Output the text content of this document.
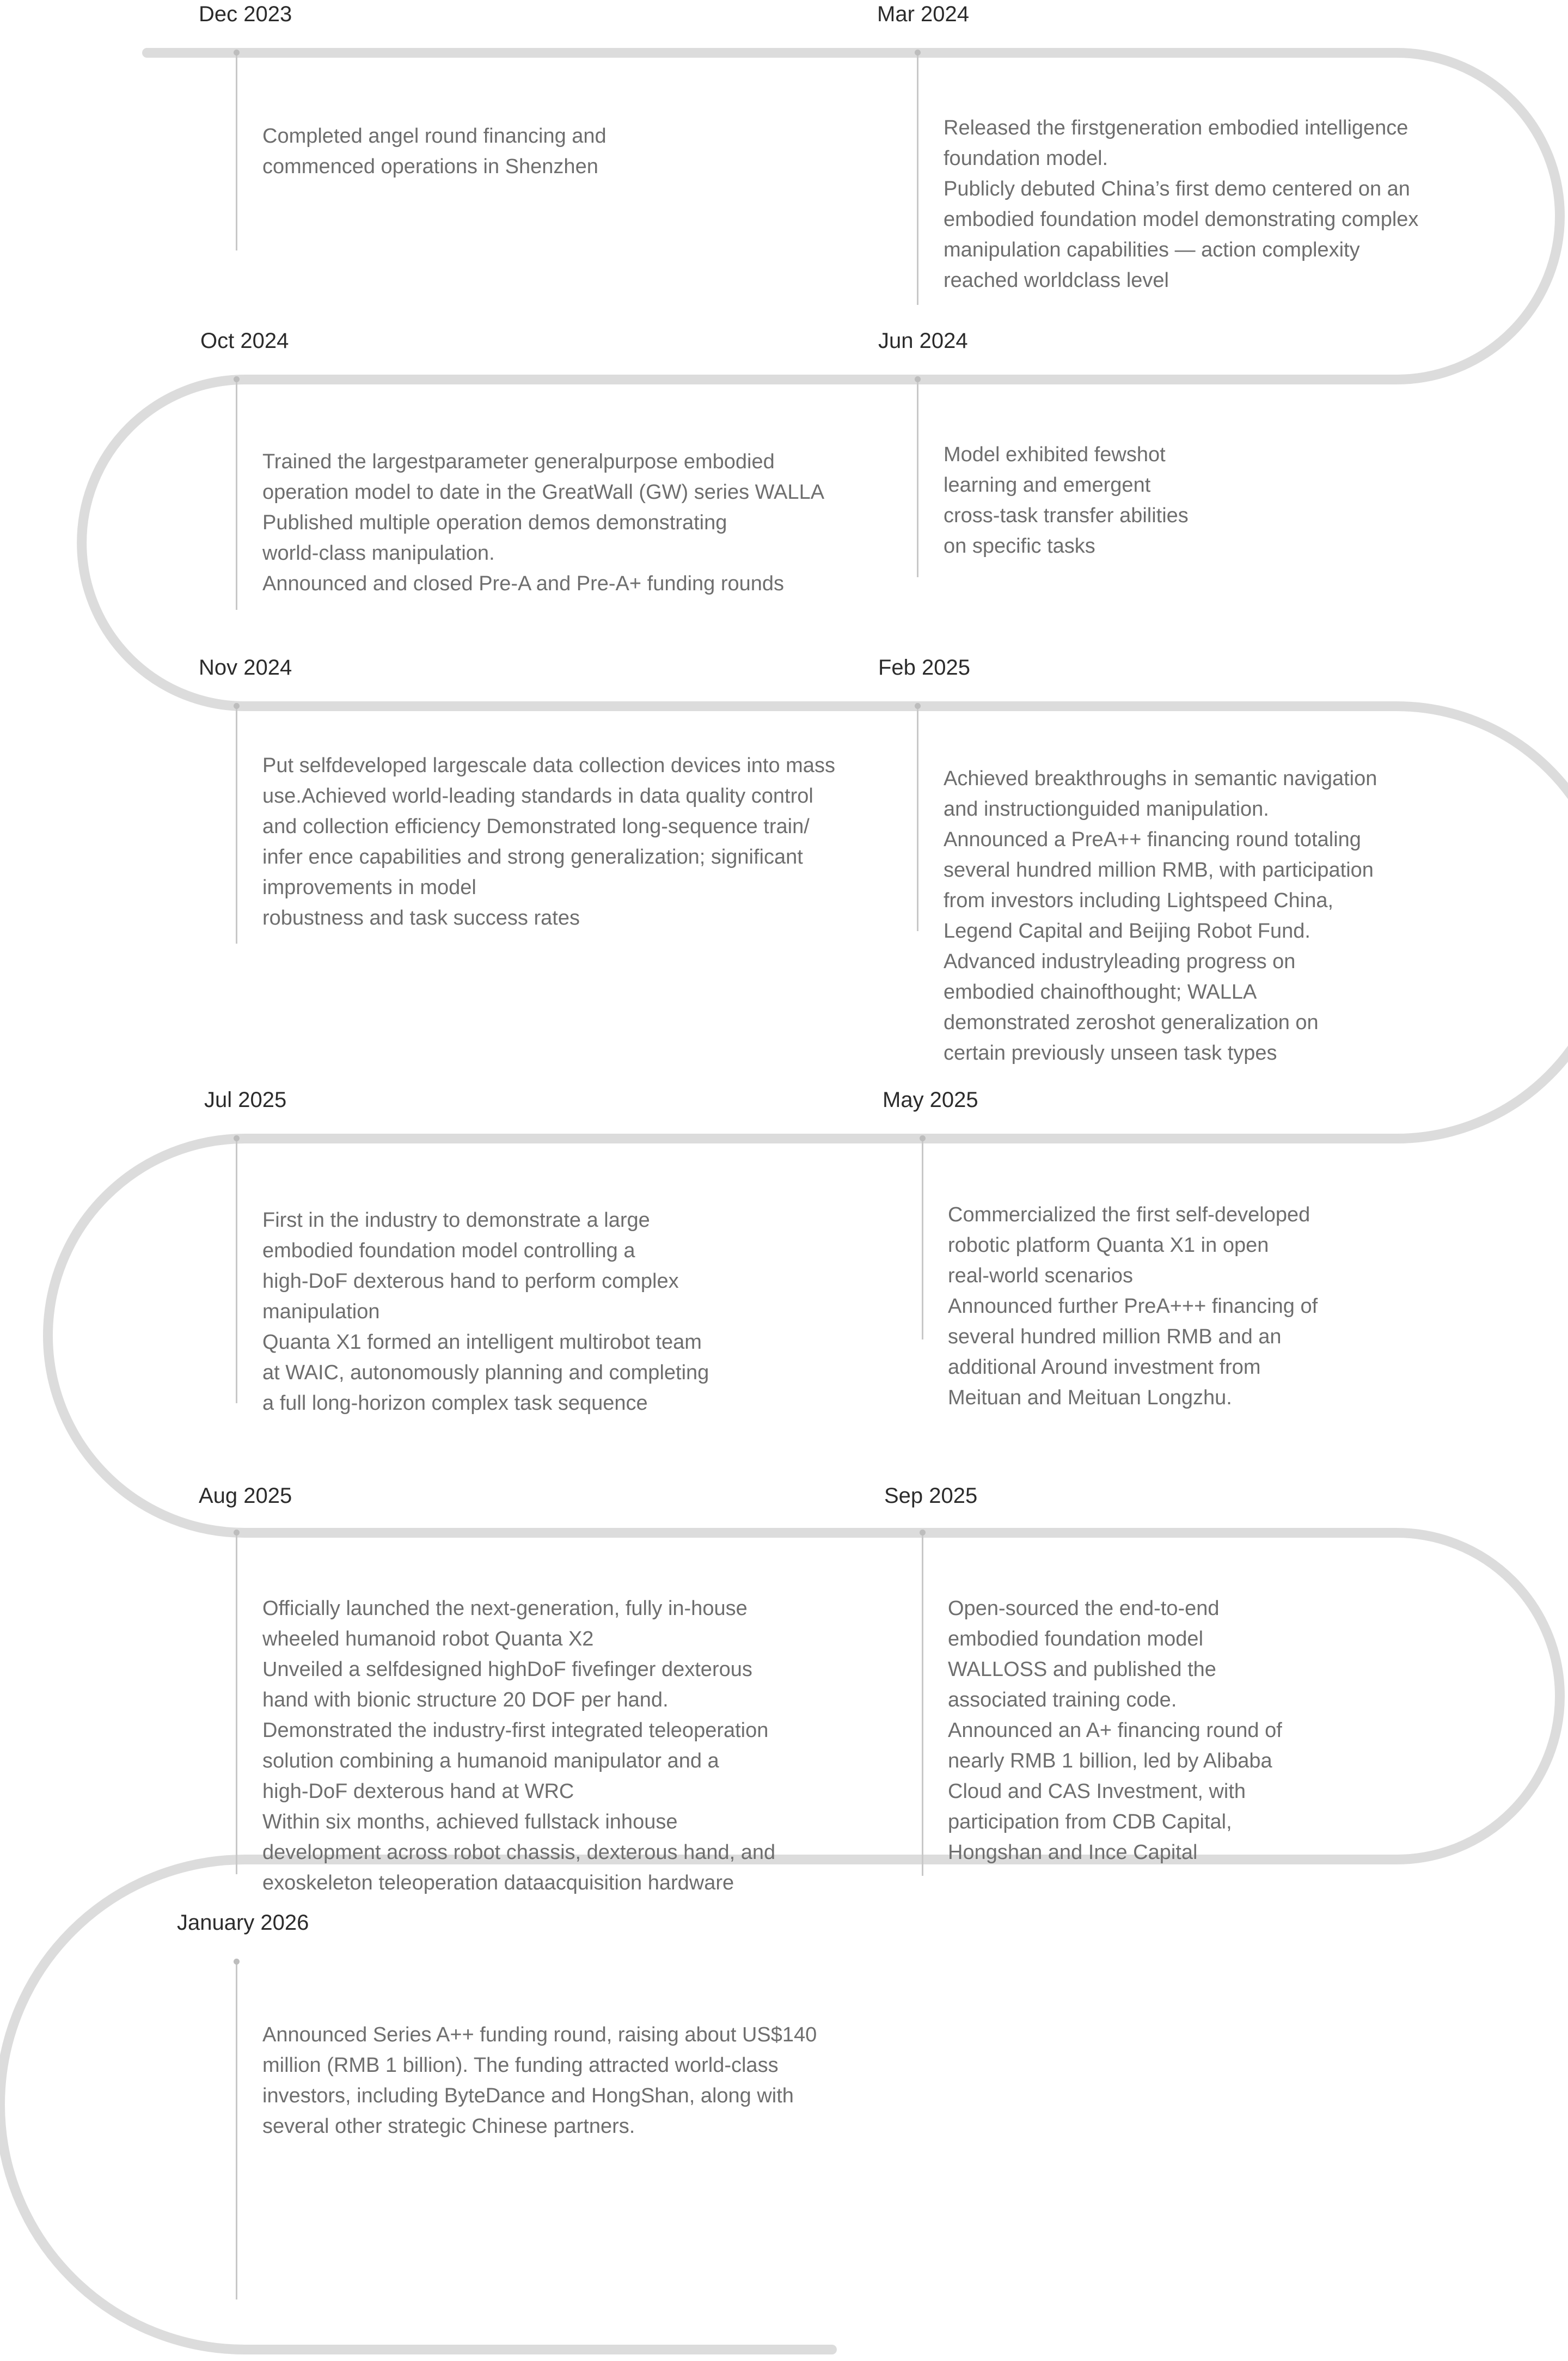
Dec 2023
Completed angel round financing and
commenced operations in Shenzhen
Mar 2024
Released the firstgeneration embodied intelligence
foundation model.
Publicly debuted China’s first demo centered on an
embodied foundation model demonstrating complex
manipulation capabilities — action complexity
reached worldclass level
Oct 2024
Trained the largestparameter generalpurpose embodied
operation model to date in the GreatWall (GW) series WALLA
Published multiple operation demos demonstrating
world-class manipulation.
Announced and closed Pre-A and Pre-A+ funding rounds
Jun 2024
Model exhibited fewshot
learning and emergent
cross-task transfer abilities
on specific tasks
Nov 2024
Put selfdeveloped largescale data collection devices into mass
use.Achieved world-leading standards in data quality control
and collection efficiency Demonstrated long-sequence train/
infer ence capabilities and strong generalization; significant
improvements in model
robustness and task success rates
Feb 2025
Achieved breakthroughs in semantic navigation
and instructionguided manipulation.
Announced a PreA++ financing round totaling
several hundred million RMB, with participation
from investors including Lightspeed China,
Legend Capital and Beijing Robot Fund.
Advanced industryleading progress on
embodied chainofthought; WALLA
demonstrated zeroshot generalization on
certain previously unseen task types
Jul 2025
First in the industry to demonstrate a large
embodied foundation model controlling a
high-DoF dexterous hand to perform complex
manipulation
Quanta X1 formed an intelligent multirobot team
at WAIC, autonomously planning and completing
a full long-horizon complex task sequence
May 2025
Commercialized the first self-developed
robotic platform Quanta X1 in open
real-world scenarios
Announced further PreA+++ financing of
several hundred million RMB and an
additional Around investment from
Meituan and Meituan Longzhu.
Aug 2025
Officially launched the next-generation, fully in-house
wheeled humanoid robot Quanta X2
Unveiled a selfdesigned highDoF fivefinger dexterous
hand with bionic structure 20 DOF per hand.
Demonstrated the industry-first integrated teleoperation
solution combining a humanoid manipulator and a
high-DoF dexterous hand at WRC
Within six months, achieved fullstack inhouse
development across robot chassis, dexterous hand, and
exoskeleton teleoperation dataacquisition hardware
Sep 2025
Open-sourced the end-to-end
embodied foundation model
WALLOSS and published the
associated training code.
Announced an A+ financing round of
nearly RMB 1 billion, led by Alibaba
Cloud and CAS Investment, with
participation from CDB Capital,
Hongshan and Ince Capital
January 2026
Announced Series A++ funding round, raising about US$140
million (RMB 1 billion). The funding attracted world-class
investors, including ByteDance and HongShan, along with
several other strategic Chinese partners.
